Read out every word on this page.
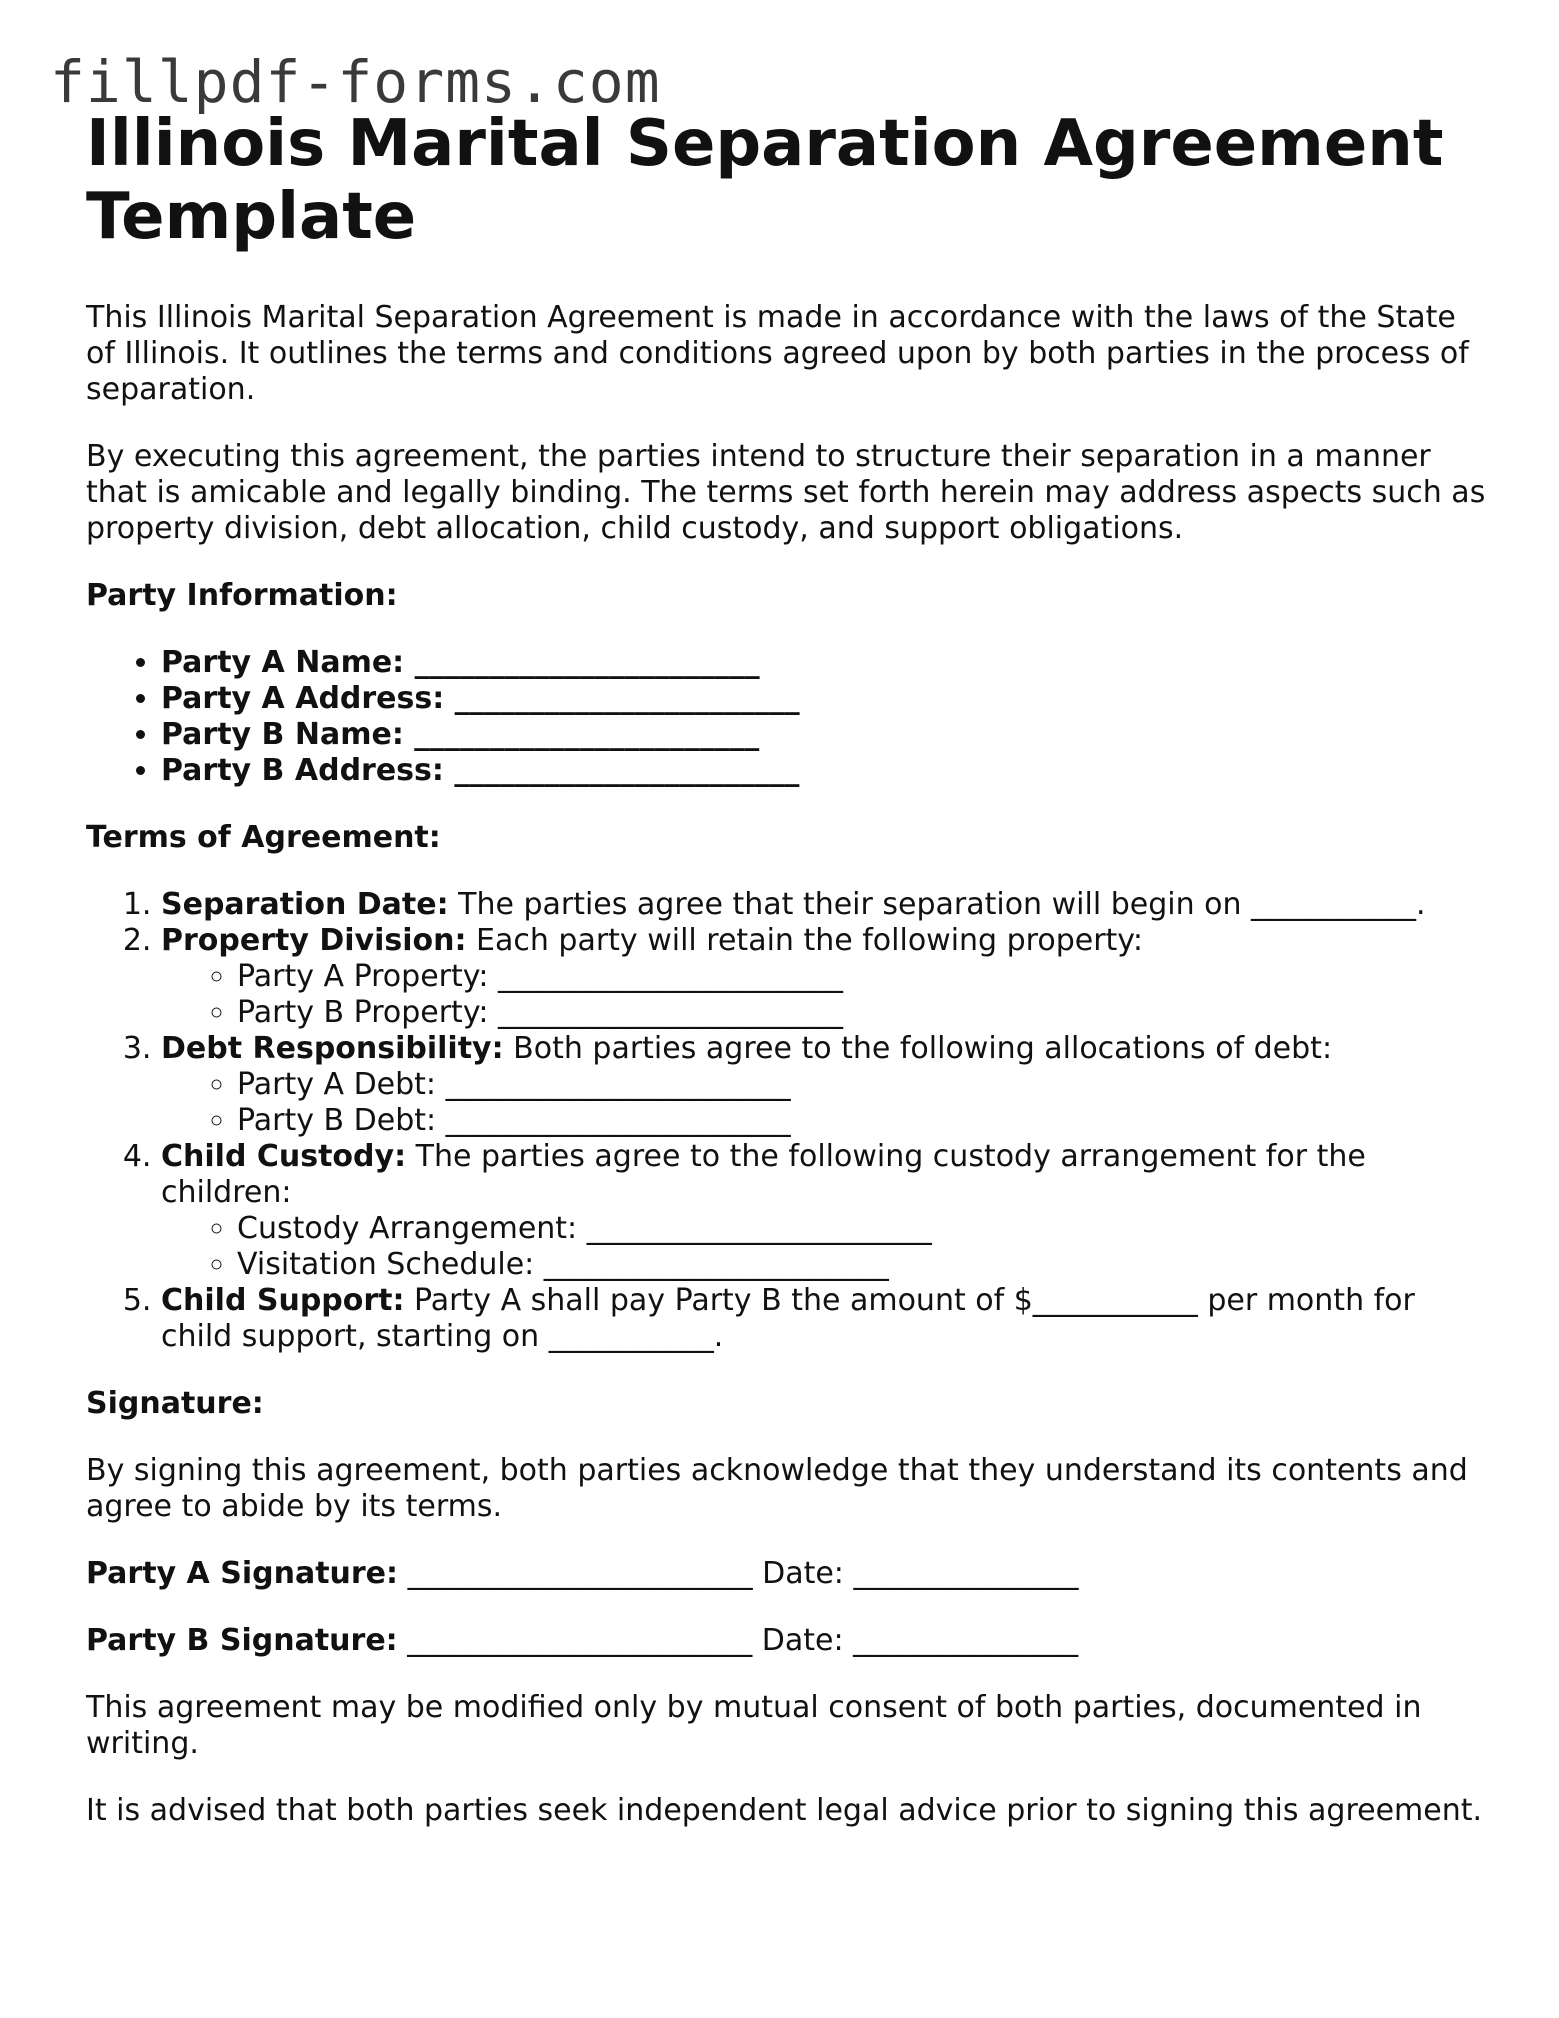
fillpdf-forms.com
Illinois Marital Separation Agreement Template

This Illinois Marital Separation Agreement is made in accordance with the laws of the State of Illinois. It outlines the terms and conditions agreed upon by both parties in the process of separation.

By executing this agreement, the parties intend to structure their separation in a manner that is amicable and legally binding. The terms set forth herein may address aspects such as property division, debt allocation, child custody, and support obligations.

Party Information:

• Party A Name: _______________________
• Party A Address: _______________________
• Party B Name: _______________________
• Party B Address: _______________________

Terms of Agreement:

1. Separation Date: The parties agree that their separation will begin on ___________.
2. Property Division: Each party will retain the following property:
◦ Party A Property: _______________________
◦ Party B Property: _______________________
3. Debt Responsibility: Both parties agree to the following allocations of debt:
◦ Party A Debt: _______________________
◦ Party B Debt: _______________________
4. Child Custody: The parties agree to the following custody arrangement for the children:
◦ Custody Arrangement: _______________________
◦ Visitation Schedule: _______________________
5. Child Support: Party A shall pay Party B the amount of $___________ per month for child support, starting on ___________.

Signature:

By signing this agreement, both parties acknowledge that they understand its contents and agree to abide by its terms.

Party A Signature: _______________________ Date: _______________

Party B Signature: _______________________ Date: _______________

This agreement may be modified only by mutual consent of both parties, documented in writing.

It is advised that both parties seek independent legal advice prior to signing this agreement.
